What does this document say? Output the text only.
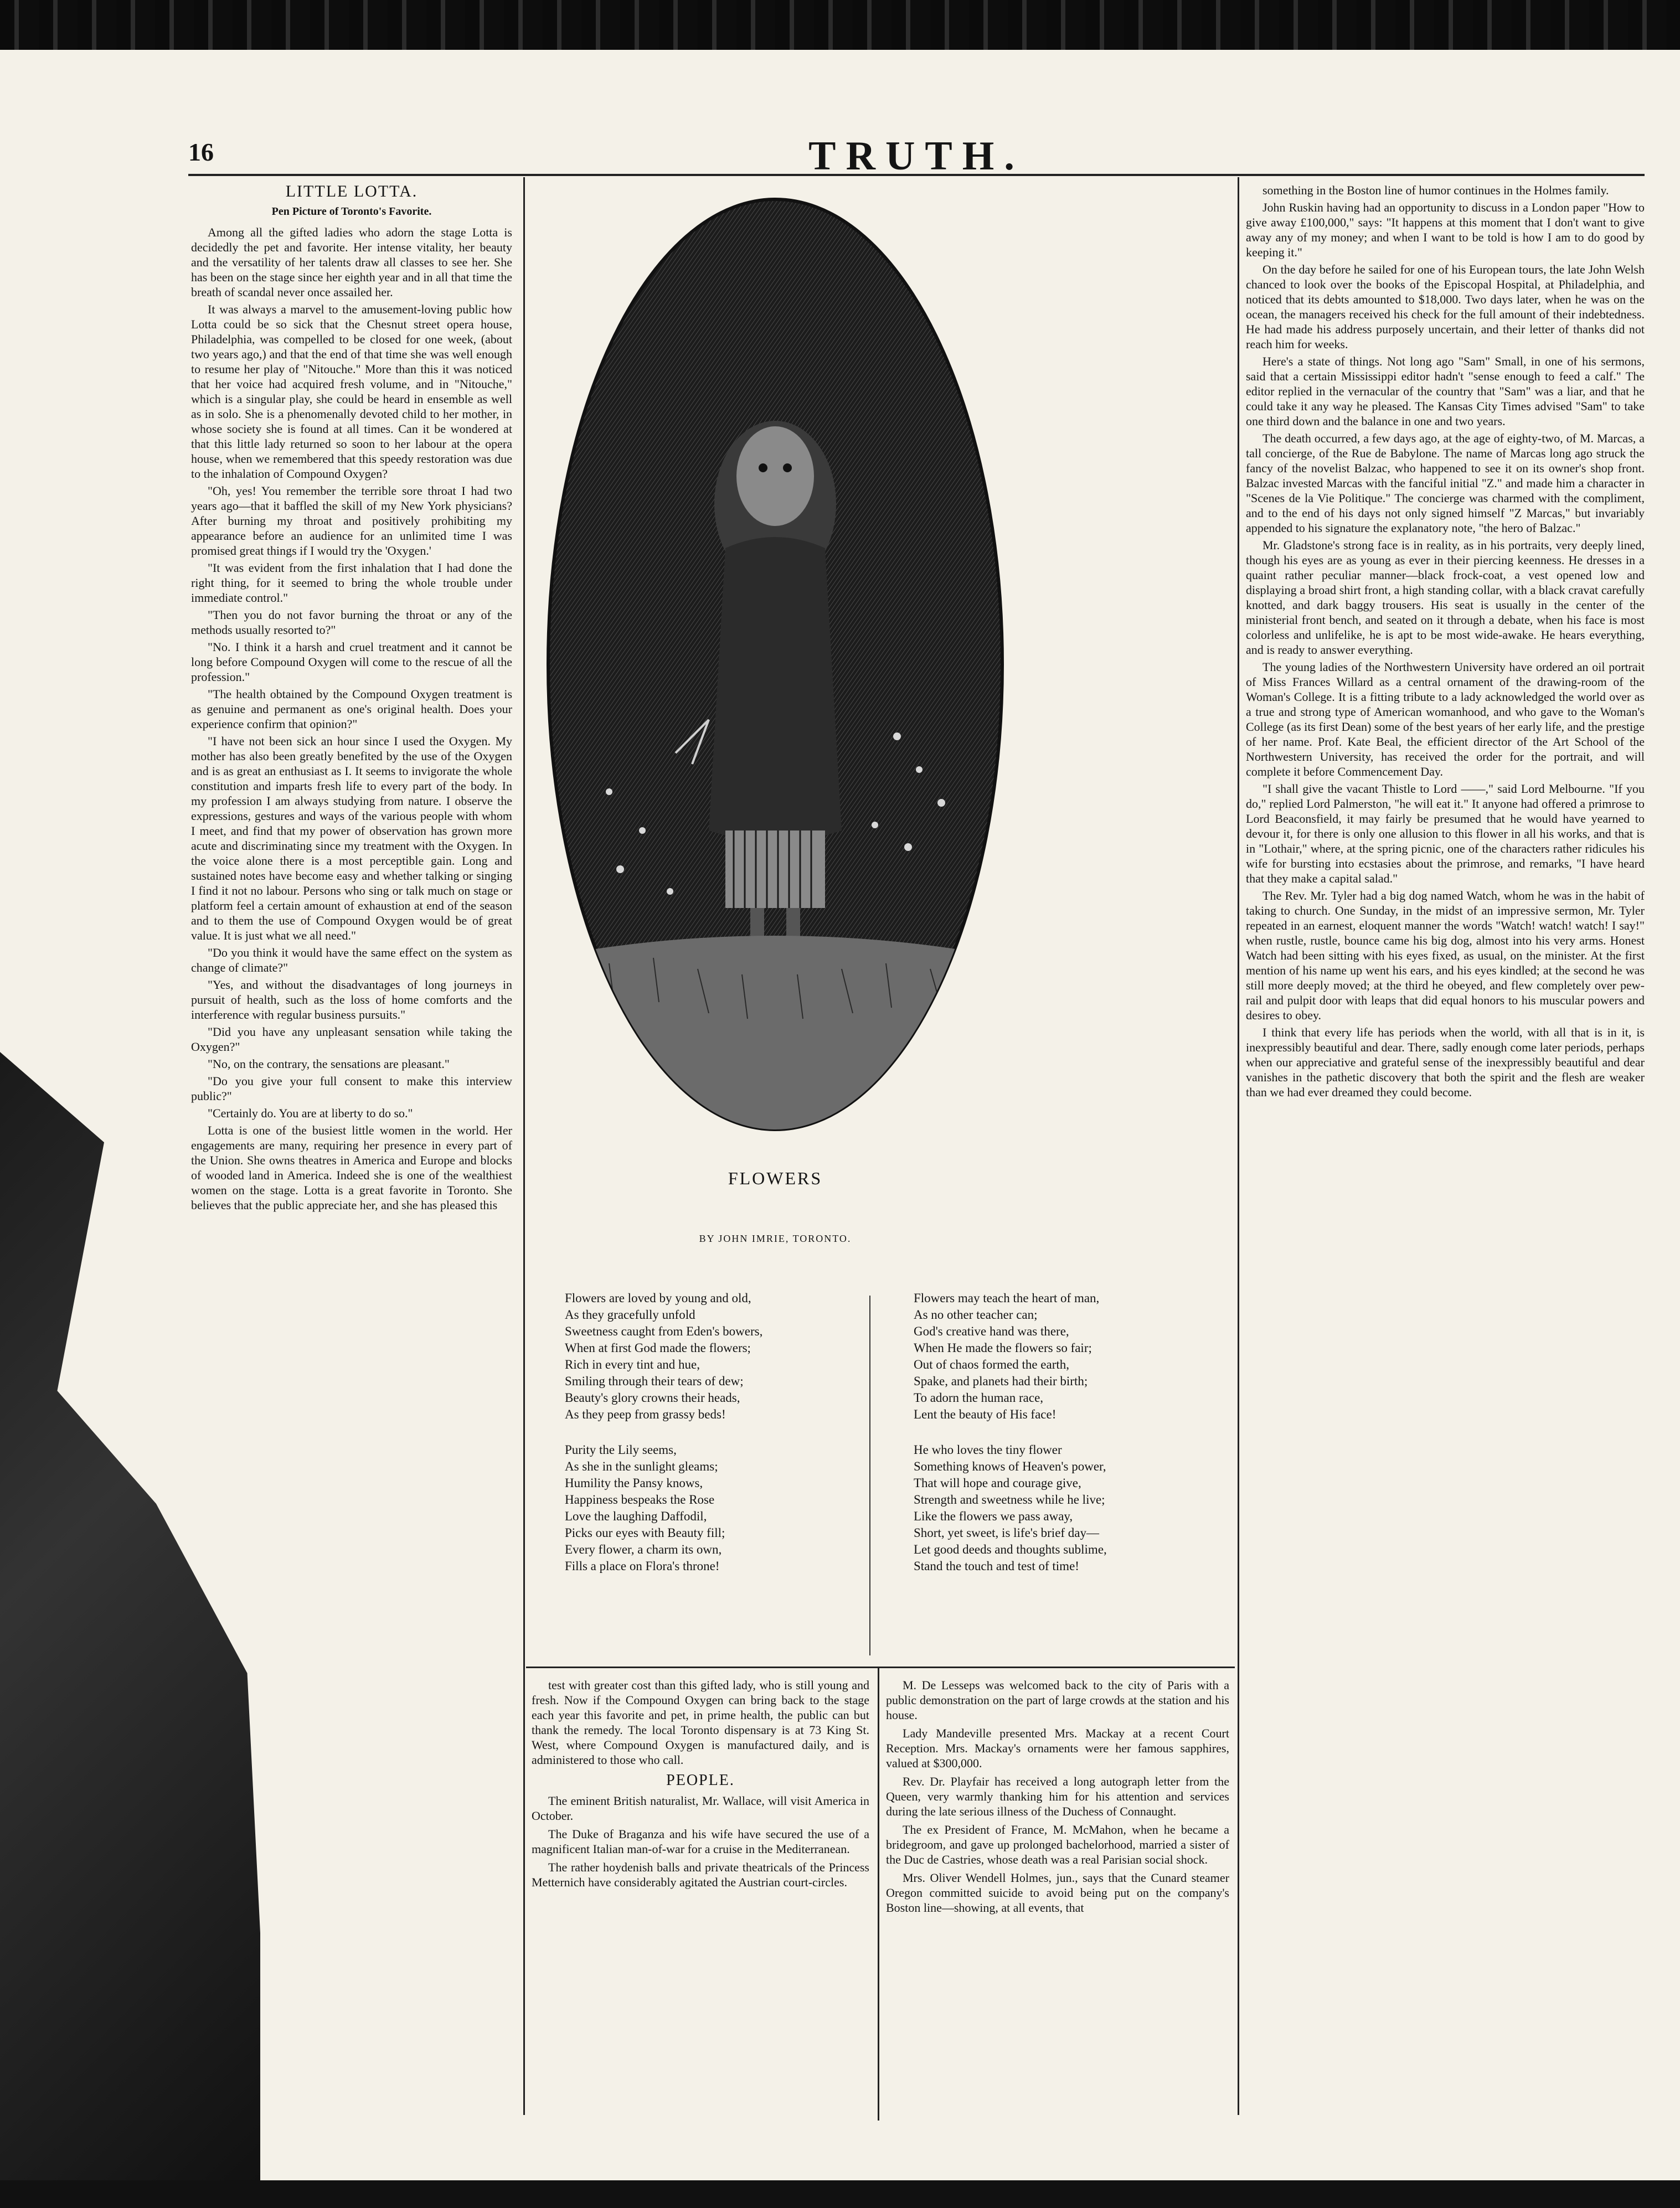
16	TRUTH.
LITTLE LOTTA.
Pen Picture of Toronto's Favorite.

Among all the gifted ladies who adorn the stage Lotta is decidedly the pet and favorite. Her intense vitality, her beauty and the versatility of her talents draw all classes to see her. She has been on the stage since her eighth year and in all that time the breath of scandal never once assailed her.

It was always a marvel to the amusement-loving public how Lotta could be so sick that the Chesnut street opera house, Philadelphia, was compelled to be closed for one week, (about two years ago,) and that the end of that time she was well enough to resume her play of "Nitouche." More than this it was noticed that her voice had acquired fresh volume, and in "Nitouche," which is a singular play, she could be heard in ensemble as well as in solo. She is a phenomenally devoted child to her mother, in whose society she is found at all times. Can it be wondered at that this little lady returned so soon to her labour at the opera house, when we remembered that this speedy restoration was due to the inhalation of Compound Oxygen?

"Oh, yes! You remember the terrible sore throat I had two years ago—that it baffled the skill of my New York physicians? After burning my throat and positively prohibiting my appearance before an audience for an unlimited time I was promised great things if I would try the 'Oxygen.'

"It was evident from the first inhalation that I had done the right thing, for it seemed to bring the whole trouble under immediate control."

"Then you do not favor burning the throat or any of the methods usually resorted to?"

"No. I think it a harsh and cruel treatment and it cannot be long before Compound Oxygen will come to the rescue of all the profession."

"The health obtained by the Compound Oxygen treatment is as genuine and permanent as one's original health. Does your experience confirm that opinion?"

"I have not been sick an hour since I used the Oxygen. My mother has also been greatly benefited by the use of the Oxygen and is as great an enthusiast as I. It seems to invigorate the whole constitution and imparts fresh life to every part of the body. In my profession I am always studying from nature. I observe the expressions, gestures and ways of the various people with whom I meet, and find that my power of observation has grown more acute and discriminating since my treatment with the Oxygen. In the voice alone there is a most perceptible gain. Long and sustained notes have become easy and whether talking or singing I find it not no labour. Persons who sing or talk much on stage or platform feel a certain amount of exhaustion at end of the season and to them the use of Compound Oxygen would be of great value. It is just what we all need."

"Do you think it would have the same effect on the system as change of climate?"

"Yes, and without the disadvantages of long journeys in pursuit of health, such as the loss of home comforts and the interference with regular business pursuits."

"Did you have any unpleasant sensation while taking the Oxygen?"

"No, on the contrary, the sensations are pleasant."

"Do you give your full consent to make this interview public?"

"Certainly do. You are at liberty to do so."

Lotta is one of the busiest little women in the world. Her engagements are many, requiring her presence in every part of the Union. She owns theatres in America and Europe and blocks of wooded land in America. Indeed she is one of the wealthiest women on the stage. Lotta is a great favorite in Toronto. She believes that the public appreciate her, and she has pleased this

FLOWERS
BY JOHN IMRIE, TORONTO.
Flowers are loved by young and old,
As they gracefully unfold
Sweetness caught from Eden's bowers,
When at first God made the flowers;
Rich in every tint and hue,
Smiling through their tears of dew;
Beauty's glory crowns their heads,
As they peep from grassy beds!
Purity the Lily seems,
As she in the sunlight gleams;
Humility the Pansy knows,
Happiness bespeaks the Rose
Love the laughing Daffodil,
Picks our eyes with Beauty fill;
Every flower, a charm its own,
Fills a place on Flora's throne!
Flowers may teach the heart of man,
As no other teacher can;
God's creative hand was there,
When He made the flowers so fair;
Out of chaos formed the earth,
Spake, and planets had their birth;
To adorn the human race,
Lent the beauty of His face!
He who loves the tiny flower
Something knows of Heaven's power,
That will hope and courage give,
Strength and sweetness while he live;
Like the flowers we pass away,
Short, yet sweet, is life's brief day—
Let good deeds and thoughts sublime,
Stand the touch and test of time!

test with greater cost than this gifted lady, who is still young and fresh. Now if the Compound Oxygen can bring back to the stage each year this favorite and pet, in prime health, the public can but thank the remedy. The local Toronto dispensary is at 73 King St. West, where Compound Oxygen is manufactured daily, and is administered to those who call.

PEOPLE.

The eminent British naturalist, Mr. Wallace, will visit America in October.

The Duke of Braganza and his wife have secured the use of a magnificent Italian man-of-war for a cruise in the Mediterranean.

The rather hoydenish balls and private theatricals of the Princess Metternich have considerably agitated the Austrian court-circles.

M. De Lesseps was welcomed back to the city of Paris with a public demonstration on the part of large crowds at the station and his house.

Lady Mandeville presented Mrs. Mackay at a recent Court Reception. Mrs. Mackay's ornaments were her famous sapphires, valued at $300,000.

Rev. Dr. Playfair has received a long autograph letter from the Queen, very warmly thanking him for his attention and services during the late serious illness of the Duchess of Connaught.

The ex President of France, M. McMahon, when he became a bridegroom, and gave up prolonged bachelorhood, married a sister of the Duc de Castries, whose death was a real Parisian social shock.

Mrs. Oliver Wendell Holmes, jun., says that the Cunard steamer Oregon committed suicide to avoid being put on the company's Boston line—showing, at all events, that

something in the Boston line of humor continues in the Holmes family.

John Ruskin having had an opportunity to discuss in a London paper "How to give away £100,000," says: "It happens at this moment that I don't want to give away any of my money; and when I want to be told is how I am to do good by keeping it."

On the day before he sailed for one of his European tours, the late John Welsh chanced to look over the books of the Episcopal Hospital, at Philadelphia, and noticed that its debts amounted to $18,000. Two days later, when he was on the ocean, the managers received his check for the full amount of their indebtedness. He had made his address purposely uncertain, and their letter of thanks did not reach him for weeks.

Here's a state of things. Not long ago "Sam" Small, in one of his sermons, said that a certain Mississippi editor hadn't "sense enough to feed a calf." The editor replied in the vernacular of the country that "Sam" was a liar, and that he could take it any way he pleased. The Kansas City Times advised "Sam" to take one third down and the balance in one and two years.

The death occurred, a few days ago, at the age of eighty-two, of M. Marcas, a tall concierge, of the Rue de Babylone. The name of Marcas long ago struck the fancy of the novelist Balzac, who happened to see it on its owner's shop front. Balzac invested Marcas with the fanciful initial "Z." and made him a character in "Scenes de la Vie Politique." The concierge was charmed with the compliment, and to the end of his days not only signed himself "Z Marcas," but invariably appended to his signature the explanatory note, "the hero of Balzac."

Mr. Gladstone's strong face is in reality, as in his portraits, very deeply lined, though his eyes are as young as ever in their piercing keenness. He dresses in a quaint rather peculiar manner—black frock-coat, a vest opened low and displaying a broad shirt front, a high standing collar, with a black cravat carefully knotted, and dark baggy trousers. His seat is usually in the center of the ministerial front bench, and seated on it through a debate, when his face is most colorless and unlifelike, he is apt to be most wide-awake. He hears everything, and is ready to answer everything.

The young ladies of the Northwestern University have ordered an oil portrait of Miss Frances Willard as a central ornament of the drawing-room of the Woman's College. It is a fitting tribute to a lady acknowledged the world over as a true and strong type of American womanhood, and who gave to the Woman's College (as its first Dean) some of the best years of her early life, and the prestige of her name. Prof. Kate Beal, the efficient director of the Art School of the Northwestern University, has received the order for the portrait, and will complete it before Commencement Day.

"I shall give the vacant Thistle to Lord ——," said Lord Melbourne. "If you do," replied Lord Palmerston, "he will eat it." It anyone had offered a primrose to Lord Beaconsfield, it may fairly be presumed that he would have yearned to devour it, for there is only one allusion to this flower in all his works, and that is in "Lothair," where, at the spring picnic, one of the characters rather ridicules his wife for bursting into ecstasies about the primrose, and remarks, "I have heard that they make a capital salad."

The Rev. Mr. Tyler had a big dog named Watch, whom he was in the habit of taking to church. One Sunday, in the midst of an impressive sermon, Mr. Tyler repeated in an earnest, eloquent manner the words "Watch! watch! watch! I say!" when rustle, rustle, bounce came his big dog, almost into his very arms. Honest Watch had been sitting with his eyes fixed, as usual, on the minister. At the first mention of his name up went his ears, and his eyes kindled; at the second he was still more deeply moved; at the third he obeyed, and flew completely over pew-rail and pulpit door with leaps that did equal honors to his muscular powers and desires to obey.

I think that every life has periods when the world, with all that is in it, is inexpressibly beautiful and dear. There, sadly enough come later periods, perhaps when our appreciative and grateful sense of the inexpressibly beautiful and dear vanishes in the pathetic discovery that both the spirit and the flesh are weaker than we had ever dreamed they could become.
